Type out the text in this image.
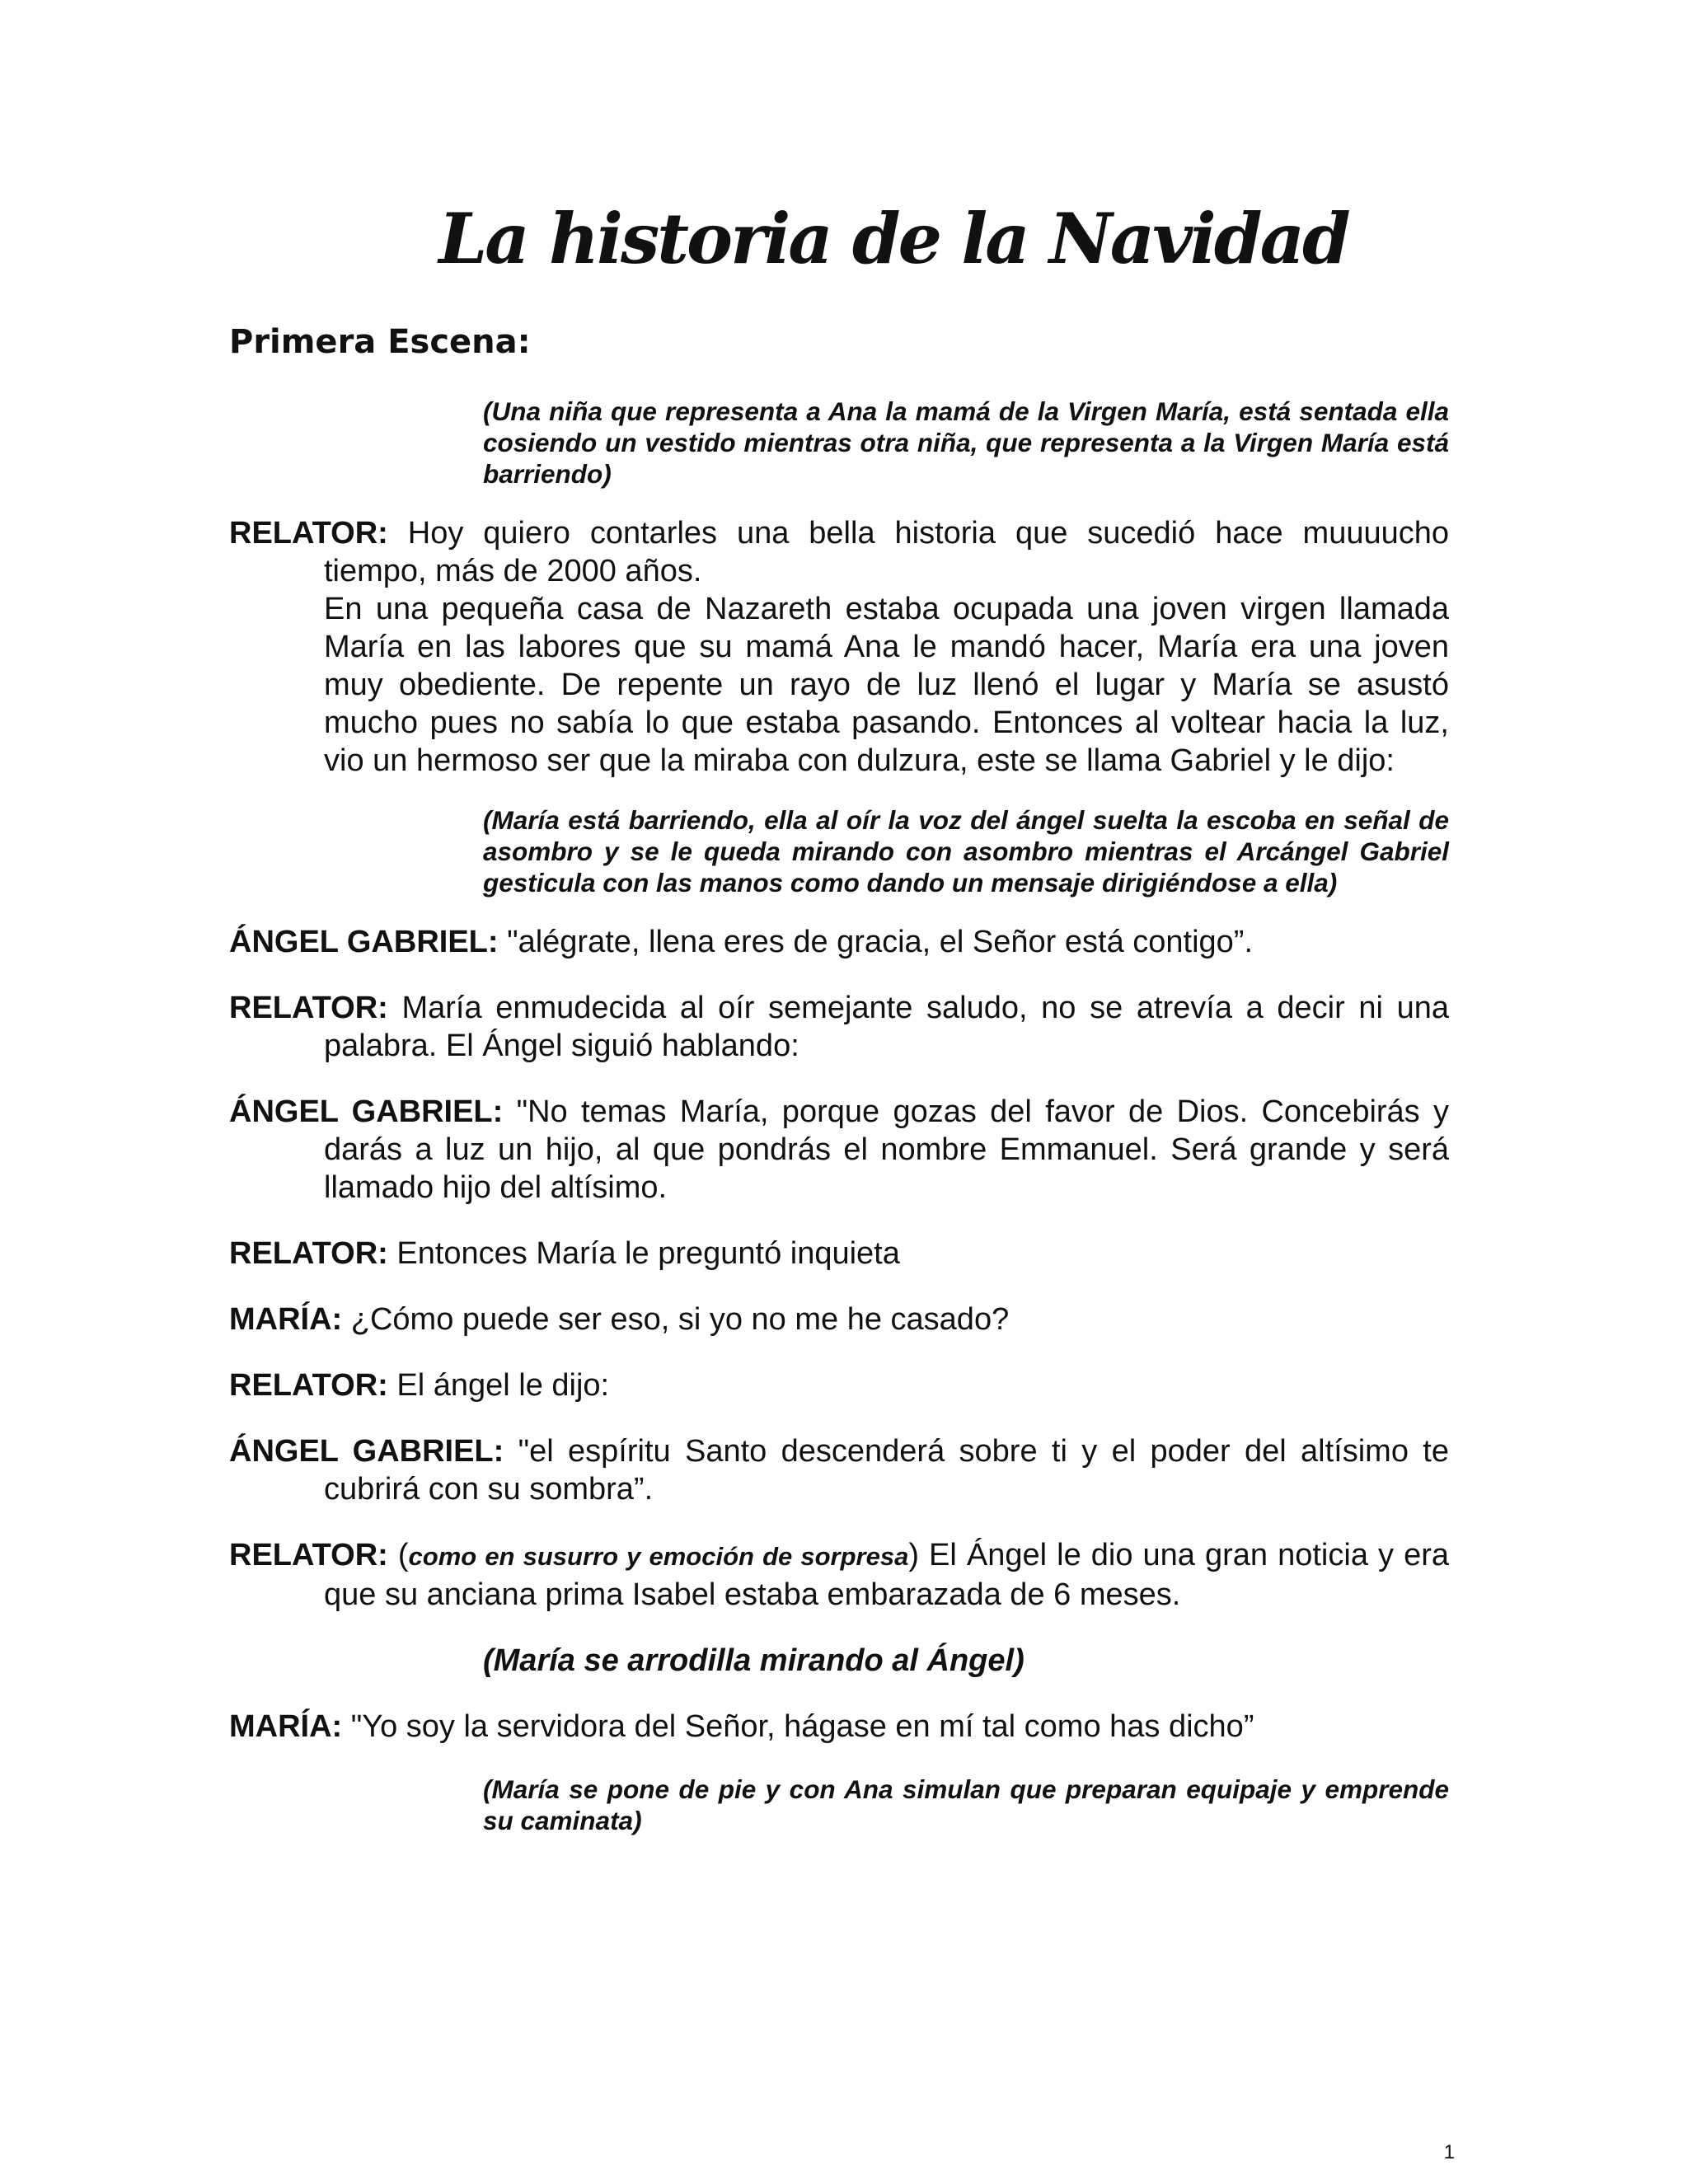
La historia de la Navidad
Primera Escena:
(Una niña que representa a Ana la mamá de la Virgen María, está sentada ella cosiendo un vestido mientras otra niña, que representa a la Virgen María está barriendo)
RELATOR: Hoy quiero contarles una bella historia que sucedió hace muuuucho tiempo, más de 2000 años.
En una pequeña casa de Nazareth estaba ocupada una joven virgen llamada María en las labores que su mamá Ana le mandó hacer, María era una joven muy obediente. De repente un rayo de luz llenó el lugar y María se asustó mucho pues no sabía lo que estaba pasando. Entonces al voltear hacia la luz, vio un hermoso ser que la miraba con dulzura, este se llama Gabriel y le dijo:
(María está barriendo, ella al oír la voz del ángel suelta la escoba en señal de asombro y se le queda mirando con asombro mientras el Arcángel Gabriel gesticula con las manos como dando un mensaje dirigiéndose a ella)
ÁNGEL GABRIEL: "alégrate, llena eres de gracia, el Señor está contigo”.
RELATOR: María enmudecida al oír semejante saludo, no se atrevía a decir ni una palabra. El Ángel siguió hablando:
ÁNGEL GABRIEL: "No temas María, porque gozas del favor de Dios. Concebirás y darás a luz un hijo, al que pondrás el nombre Emmanuel. Será grande y será llamado hijo del altísimo.
RELATOR: Entonces María le preguntó inquieta
MARÍA: ¿Cómo puede ser eso, si yo no me he casado?
RELATOR: El ángel le dijo:
ÁNGEL GABRIEL: "el espíritu Santo descenderá sobre ti y el poder del altísimo te cubrirá con su sombra”.
RELATOR: (como en susurro y emoción de sorpresa) El Ángel le dio una gran noticia y era que su anciana prima Isabel estaba embarazada de 6 meses.
(María se arrodilla mirando al Ángel)
MARÍA: "Yo soy la servidora del Señor, hágase en mí tal como has dicho”
(María se pone de pie y con Ana simulan que preparan equipaje y emprende su caminata)
1
